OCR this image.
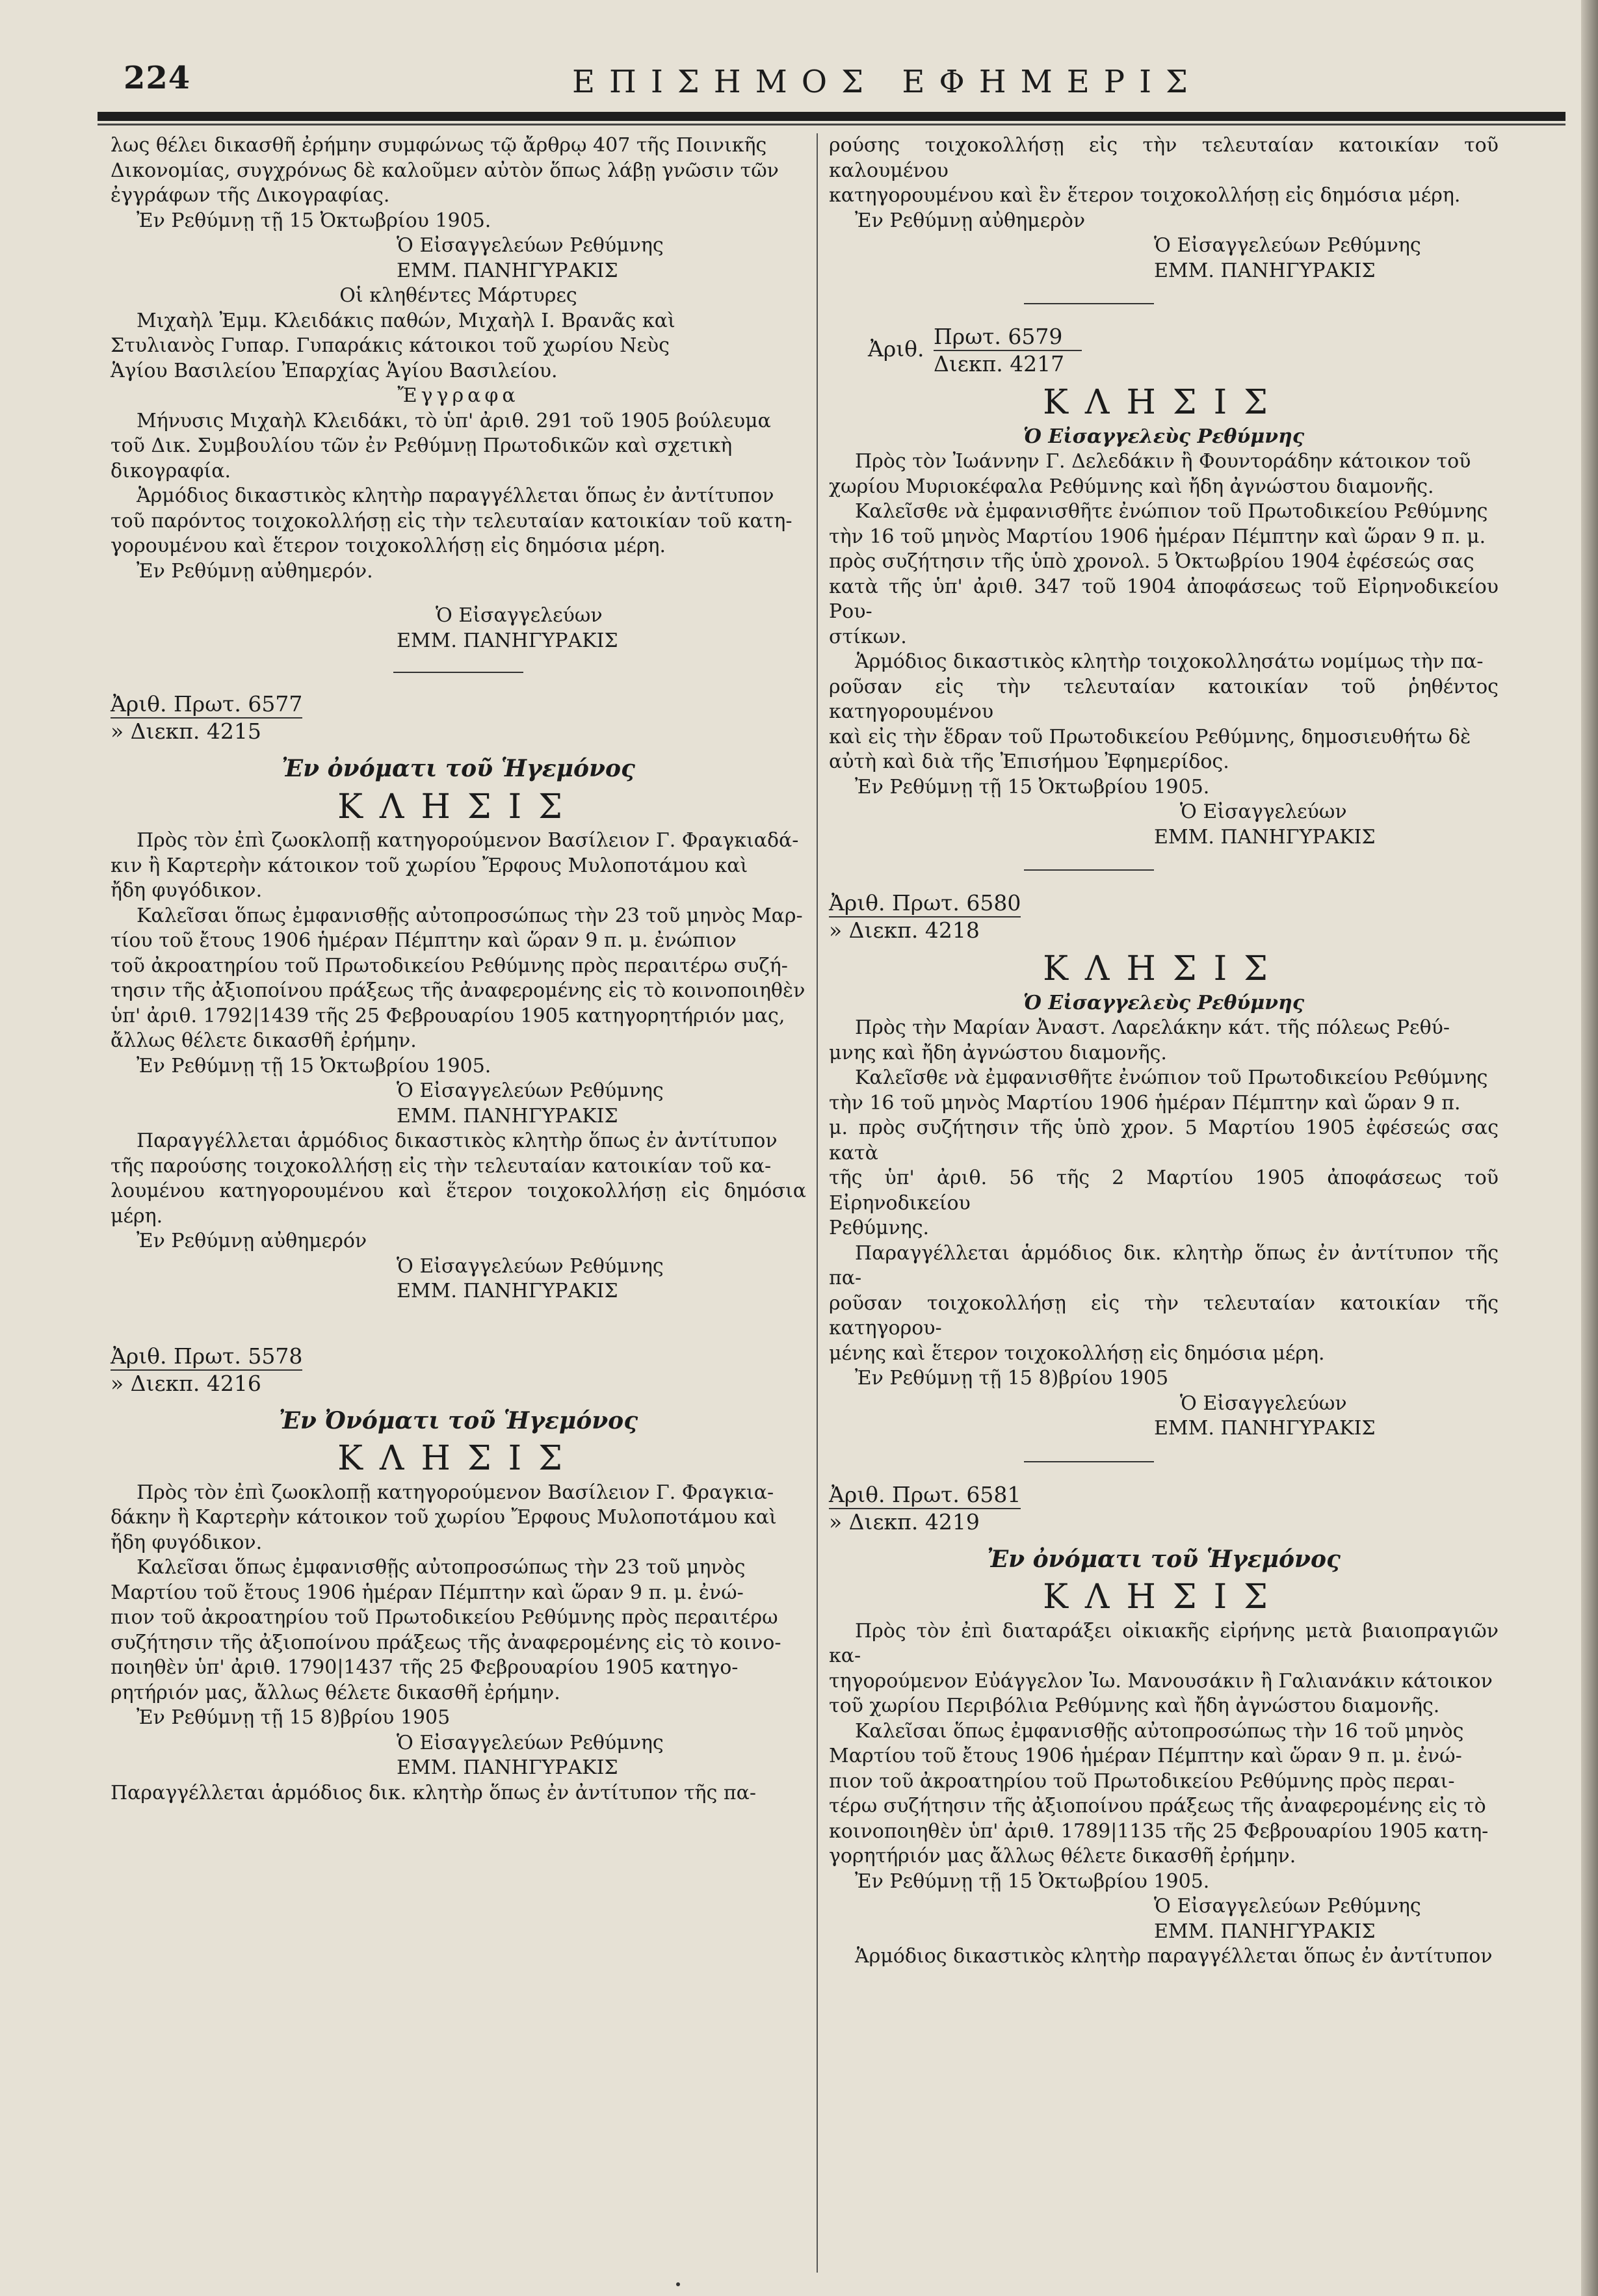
224	ΕΠΙΣΗΜΟΣ ΕΦΗΜΕΡΙΣ

λως θέλει δικασθῆ ἐρήμην συμφώνως τῷ ἄρθρῳ 407 τῆς Ποινικῆς

Δικονομίας, συγχρόνως δὲ καλοῦμεν αὐτὸν ὅπως λάβῃ γνῶσιν τῶν

ἐγγράφων τῆς Δικογραφίας.

Ἐν Ρεθύμνῃ τῇ 15 Ὀκτωβρίου 1905.

Ὁ Εἰσαγγελεύων Ρεθύμνης

ΕΜΜ. ΠΑΝΗΓΥΡΑΚΙΣ

Οἱ κληθέντες Μάρτυρες

Μιχαὴλ Ἐμμ. Κλειδάκις παθών, Μιχαὴλ Ι. Βρανᾶς καὶ

Στυλιανὸς Γυπαρ. Γυπαράκις κάτοικοι τοῦ χωρίου Νεὺς

Ἁγίου Βασιλείου Ἐπαρχίας Ἁγίου Βασιλείου.

Ἔγγραφα

Μήνυσις Μιχαὴλ Κλειδάκι, τὸ ὑπ' ἀριθ. 291 τοῦ 1905 βούλευμα

τοῦ Δικ. Συμβουλίου τῶν ἐν Ρεθύμνῃ Πρωτοδικῶν καὶ σχετικὴ

δικογραφία.

Ἁρμόδιος δικαστικὸς κλητὴρ παραγγέλλεται ὅπως ἐν ἀντίτυπον

τοῦ παρόντος τοιχοκολλήσῃ εἰς τὴν τελευταίαν κατοικίαν τοῦ κατη-

γορουμένου καὶ ἕτερον τοιχοκολλήσῃ εἰς δημόσια μέρη.

Ἐν Ρεθύμνῃ αὐθημερόν.

Ὁ Εἰσαγγελεύων

ΕΜΜ. ΠΑΝΗΓΥΡΑΚΙΣ

Ἀριθ. Πρωτ. 6577
» Διεκπ. 4215
Ἐν ὀνόματι τοῦ Ἡγεμόνος
ΚΛΗΣΙΣ

Πρὸς τὸν ἐπὶ ζωοκλοπῇ κατηγορούμενον Βασίλειον Γ. Φραγκιαδά-

κιν ἢ Καρτερὴν κάτοικον τοῦ χωρίου Ἔρφους Μυλοποτάμου καὶ

ἤδη φυγόδικον.

Καλεῖσαι ὅπως ἐμφανισθῇς αὐτοπροσώπως τὴν 23 τοῦ μηνὸς Μαρ-

τίου τοῦ ἔτους 1906 ἡμέραν Πέμπτην καὶ ὥραν 9 π. μ. ἐνώπιον

τοῦ ἀκροατηρίου τοῦ Πρωτοδικείου Ρεθύμνης πρὸς περαιτέρω συζή-

τησιν τῆς ἀξιοποίνου πράξεως τῆς ἀναφερομένης εἰς τὸ κοινοποιηθὲν

ὑπ' ἀριθ. 1792|1439 τῆς 25 Φεβρουαρίου 1905 κατηγορητήριόν μας,

ἄλλως θέλετε δικασθῆ ἐρήμην.

Ἐν Ρεθύμνῃ τῇ 15 Ὀκτωβρίου 1905.

Ὁ Εἰσαγγελεύων Ρεθύμνης

ΕΜΜ. ΠΑΝΗΓΥΡΑΚΙΣ

Παραγγέλλεται ἁρμόδιος δικαστικὸς κλητὴρ ὅπως ἐν ἀντίτυπον

τῆς παρούσης τοιχοκολλήσῃ εἰς τὴν τελευταίαν κατοικίαν τοῦ κα-

λουμένου κατηγορουμένου καὶ ἕτερον τοιχοκολλήσῃ εἰς δημόσια μέρη.

Ἐν Ρεθύμνῃ αὐθημερόν

Ὁ Εἰσαγγελεύων Ρεθύμνης

ΕΜΜ. ΠΑΝΗΓΥΡΑΚΙΣ

Ἀριθ. Πρωτ. 5578
» Διεκπ. 4216
Ἐν Ὀνόματι τοῦ Ἡγεμόνος
ΚΛΗΣΙΣ

Πρὸς τὸν ἐπὶ ζωοκλοπῇ κατηγορούμενον Βασίλειον Γ. Φραγκια-

δάκην ἢ Καρτερὴν κάτοικον τοῦ χωρίου Ἔρφους Μυλοποτάμου καὶ

ἤδη φυγόδικον.

Καλεῖσαι ὅπως ἐμφανισθῇς αὐτοπροσώπως τὴν 23 τοῦ μηνὸς

Μαρτίου τοῦ ἔτους 1906 ἡμέραν Πέμπτην καὶ ὥραν 9 π. μ. ἐνώ-

πιον τοῦ ἀκροατηρίου τοῦ Πρωτοδικείου Ρεθύμνης πρὸς περαιτέρω

συζήτησιν τῆς ἀξιοποίνου πράξεως τῆς ἀναφερομένης εἰς τὸ κοινο-

ποιηθὲν ὑπ' ἀριθ. 1790|1437 τῆς 25 Φεβρουαρίου 1905 κατηγο-

ρητήριόν μας, ἄλλως θέλετε δικασθῆ ἐρήμην.

Ἐν Ρεθύμνῃ τῇ 15 8)βρίου 1905

Ὁ Εἰσαγγελεύων Ρεθύμνης

ΕΜΜ. ΠΑΝΗΓΥΡΑΚΙΣ

Παραγγέλλεται ἁρμόδιος δικ. κλητὴρ ὅπως ἐν ἀντίτυπον τῆς πα-

ρούσης τοιχοκολλήσῃ εἰς τὴν τελευταίαν κατοικίαν τοῦ καλουμένου

κατηγορουμένου καὶ ἓν ἕτερον τοιχοκολλήσῃ εἰς δημόσια μέρη.

Ἐν Ρεθύμνῃ αὐθημερὸν

Ὁ Εἰσαγγελεύων Ρεθύμνης

ΕΜΜ. ΠΑΝΗΓΥΡΑΚΙΣ

Ἀριθ. $\frac{\text{Πρωτ. 6579}}{\text{Διεκπ. 4217}}$
ΚΛΗΣΙΣ

Ὁ Εἰσαγγελεὺς Ρεθύμνης

Πρὸς τὸν Ἰωάννην Γ. Δελεδάκιν ἢ Φουντοράδην κάτοικον τοῦ

χωρίου Μυριοκέφαλα Ρεθύμνης καὶ ἤδη ἀγνώστου διαμονῆς.

Καλεῖσθε νὰ ἐμφανισθῆτε ἐνώπιον τοῦ Πρωτοδικείου Ρεθύμνης

τὴν 16 τοῦ μηνὸς Μαρτίου 1906 ἡμέραν Πέμπτην καὶ ὥραν 9 π. μ.

πρὸς συζήτησιν τῆς ὑπὸ χρονολ. 5 Ὀκτωβρίου 1904 ἐφέσεώς σας

κατὰ τῆς ὑπ' ἀριθ. 347 τοῦ 1904 ἀποφάσεως τοῦ Εἰρηνοδικείου Ρου-

στίκων.

Ἁρμόδιος δικαστικὸς κλητὴρ τοιχοκολλησάτω νομίμως τὴν πα-

ροῦσαν εἰς τὴν τελευταίαν κατοικίαν τοῦ ῥηθέντος κατηγορουμένου

καὶ εἰς τὴν ἕδραν τοῦ Πρωτοδικείου Ρεθύμνης, δημοσιευθήτω δὲ

αὐτὴ καὶ διὰ τῆς Ἐπισήμου Ἐφημερίδος.

Ἐν Ρεθύμνῃ τῇ 15 Ὀκτωβρίου 1905.

Ὁ Εἰσαγγελεύων

ΕΜΜ. ΠΑΝΗΓΥΡΑΚΙΣ

Ἀριθ. Πρωτ. 6580
» Διεκπ. 4218
ΚΛΗΣΙΣ

Ὁ Εἰσαγγελεὺς Ρεθύμνης

Πρὸς τὴν Μαρίαν Ἀναστ. Λαρελάκην κάτ. τῆς πόλεως Ρεθύ-

μνης καὶ ἤδη ἀγνώστου διαμονῆς.

Καλεῖσθε νὰ ἐμφανισθῆτε ἐνώπιον τοῦ Πρωτοδικείου Ρεθύμνης

τὴν 16 τοῦ μηνὸς Μαρτίου 1906 ἡμέραν Πέμπτην καὶ ὥραν 9 π.

μ. πρὸς συζήτησιν τῆς ὑπὸ χρον. 5 Μαρτίου 1905 ἐφέσεώς σας κατὰ

τῆς ὑπ' ἀριθ. 56 τῆς 2 Μαρτίου 1905 ἀποφάσεως τοῦ Εἰρηνοδικείου

Ρεθύμνης.

Παραγγέλλεται ἁρμόδιος δικ. κλητὴρ ὅπως ἐν ἀντίτυπον τῆς πα-

ροῦσαν τοιχοκολλήσῃ εἰς τὴν τελευταίαν κατοικίαν τῆς κατηγορου-

μένης καὶ ἕτερον τοιχοκολλήσῃ εἰς δημόσια μέρη.

Ἐν Ρεθύμνῃ τῇ 15 8)βρίου 1905

Ὁ Εἰσαγγελεύων

ΕΜΜ. ΠΑΝΗΓΥΡΑΚΙΣ

Ἀριθ. Πρωτ. 6581
» Διεκπ. 4219
Ἐν ὀνόματι τοῦ Ἡγεμόνος
ΚΛΗΣΙΣ

Πρὸς τὸν ἐπὶ διαταράξει οἰκιακῆς εἰρήνης μετὰ βιαιοπραγιῶν κα-

τηγορούμενον Εὐάγγελον Ἰω. Μανουσάκιν ἢ Γαλιανάκιν κάτοικον

τοῦ χωρίου Περιβόλια Ρεθύμνης καὶ ἤδη ἀγνώστου διαμονῆς.

Καλεῖσαι ὅπως ἐμφανισθῇς αὐτοπροσώπως τὴν 16 τοῦ μηνὸς

Μαρτίου τοῦ ἔτους 1906 ἡμέραν Πέμπτην καὶ ὥραν 9 π. μ. ἐνώ-

πιον τοῦ ἀκροατηρίου τοῦ Πρωτοδικείου Ρεθύμνης πρὸς περαι-

τέρω συζήτησιν τῆς ἀξιοποίνου πράξεως τῆς ἀναφερομένης εἰς τὸ

κοινοποιηθὲν ὑπ' ἀριθ. 1789|1135 τῆς 25 Φεβρουαρίου 1905 κατη-

γορητήριόν μας ἄλλως θέλετε δικασθῆ ἐρήμην.

Ἐν Ρεθύμνῃ τῇ 15 Ὀκτωβρίου 1905.

Ὁ Εἰσαγγελεύων Ρεθύμνης

ΕΜΜ. ΠΑΝΗΓΥΡΑΚΙΣ

Ἁρμόδιος δικαστικὸς κλητὴρ παραγγέλλεται ὅπως ἐν ἀντίτυπον
